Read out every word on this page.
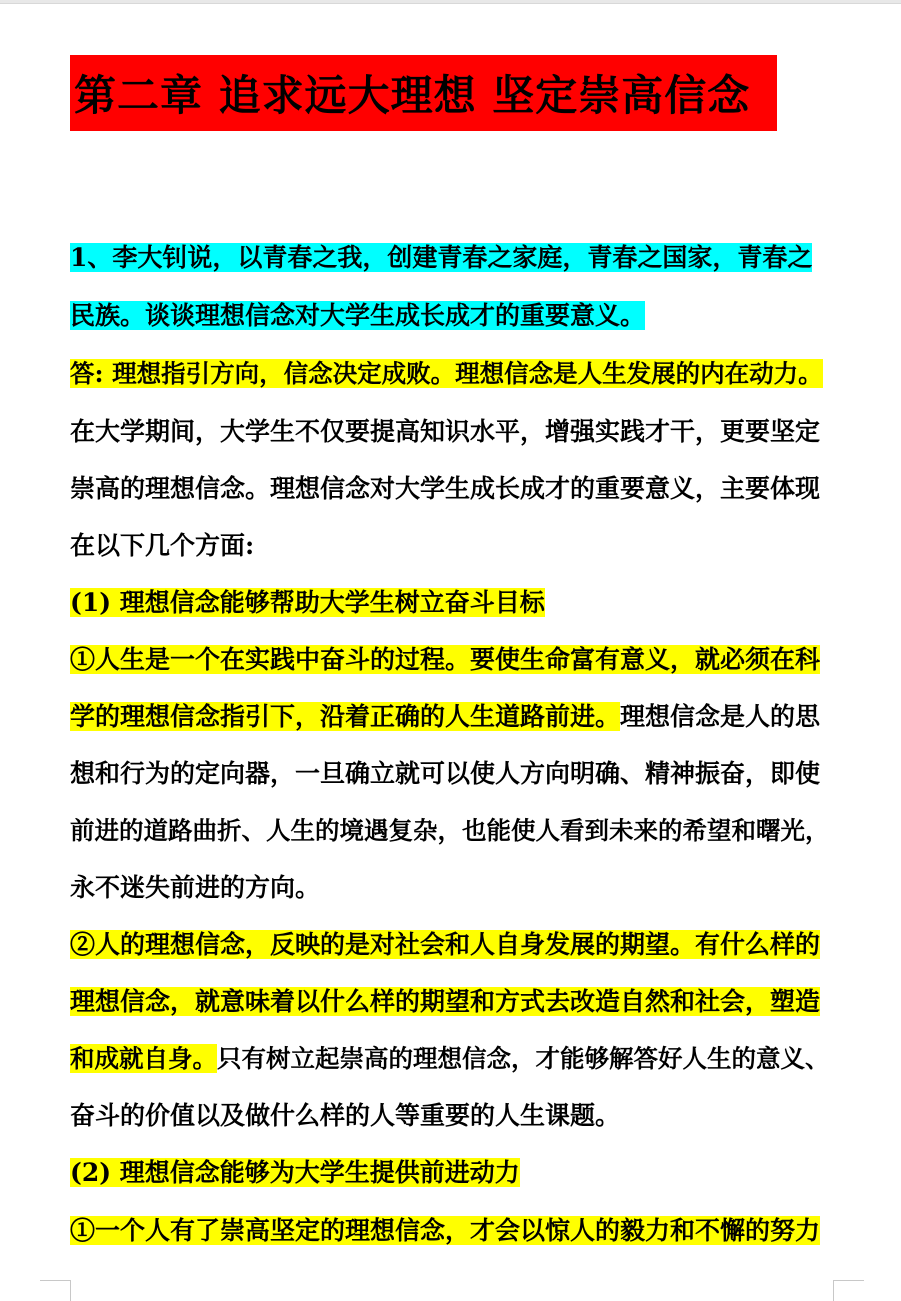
第二章 追求远大理想 坚定崇高信念
1、李大钊说，以青春之我，创建青春之家庭，青春之国家，青春之
民族。谈谈理想信念对大学生成长成才的重要意义。
答: 理想指引方向，信念决定成败。理想信念是人生发展的内在动力。
在大学期间，大学生不仅要提高知识水平，增强实践才干，更要坚定
崇高的理想信念。理想信念对大学生成长成才的重要意义，主要体现
在以下几个方面:
(1) 理想信念能够帮助大学生树立奋斗目标
①人生是一个在实践中奋斗的过程。要使生命富有意义，就必须在科
学的理想信念指引下，沿着正确的人生道路前进。理想信念是人的思
想和行为的定向器，一旦确立就可以使人方向明确、精神振奋，即使
前进的道路曲折、人生的境遇复杂，也能使人看到未来的希望和曙光，
永不迷失前进的方向。
②人的理想信念，反映的是对社会和人自身发展的期望。有什么样的
理想信念，就意味着以什么样的期望和方式去改造自然和社会，塑造
和成就自身。只有树立起崇高的理想信念，才能够解答好人生的意义、
奋斗的价值以及做什么样的人等重要的人生课题。
(2) 理想信念能够为大学生提供前进动力
①一个人有了崇高坚定的理想信念，才会以惊人的毅力和不懈的努力
